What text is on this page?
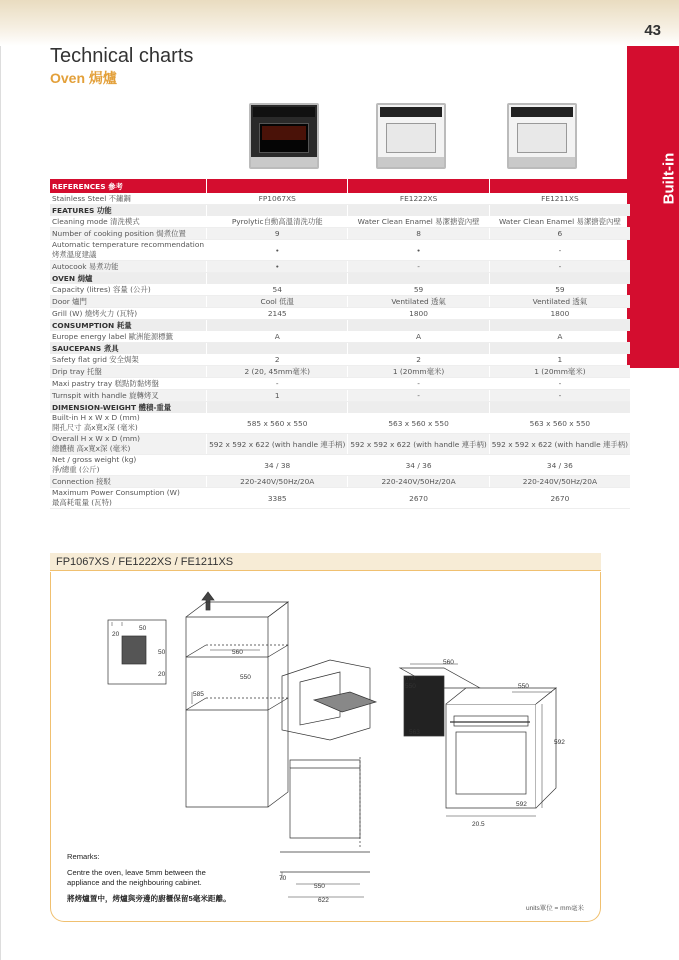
43
Built-in
Technical charts
Oven 焗爐
REFERENCES 參考			

Stainless Steel 不鏽鋼	FP1067XS	FE1222XS	FE1211XS
FEATURES 功能			

Cleaning mode 清洗模式	Pyrolytic自動高溫清洗功能	Water Clean Enamel 易潔搪瓷內壁	Water Clean Enamel 易潔搪瓷內壁

Number of cooking position 焗煮位置	9	8	6

Automatic temperature recommendation
烤煮溫度建議	•	•	-

Autocook 易煮功能	•	-	-
OVEN 焗爐			

Capacity (litres) 容量 (公升)	54	59	59

Door 爐門	Cool 低溫	Ventilated 透氣	Ventilated 透氣

Grill (W) 燒烤火力 (瓦特)	2145	1800	1800
CONSUMPTION 耗量			

Europe energy label 歐洲能源標籤	A	A	A
SAUCEPANS 煮具			

Safety flat grid 安全焗架	2	2	1

Drip tray 托盤	2 (20, 45mm毫米)	1 (20mm毫米)	1 (20mm毫米)

Maxi pastry tray 糕點防黏烤盤	-	-	-

Turnspit with handle 旋轉烤叉	1	-	-
DIMENSION-WEIGHT 體積-重量			

Built-in H x W x D (mm)
開孔尺寸 高x寬x深 (毫米)	585 x 560 x 550	563 x 560 x 550	563 x 560 x 550

Overall H x W x D (mm)
總體積 高x寬x深 (毫米)	592 x 592 x 622 (with handle 連手柄)	592 x 592 x 622 (with handle 連手柄)	592 x 592 x 622 (with handle 連手柄)

Net / gross weight (kg)
淨/總重 (公斤)	34 / 38	34 / 36	34 / 36

Connection 接駁	220-240V/50Hz/20A	220-240V/50Hz/20A	220-240V/50Hz/20A

Maximum Power Consumption (W)
最高耗電量 (瓦特)	3385	2670	2670
FP1067XS / FE1222XS / FE1211XS
50
20
50
20
560
550
585
560
min
550	550
563
592
592
20.5
70
550
622
Remarks:
Centre the oven, leave 5mm between the
appliance and the neighbouring cabinet.
將烤爐置中，烤爐與旁邊的廚櫃保留5毫米距離。
units單位 = mm毫米
